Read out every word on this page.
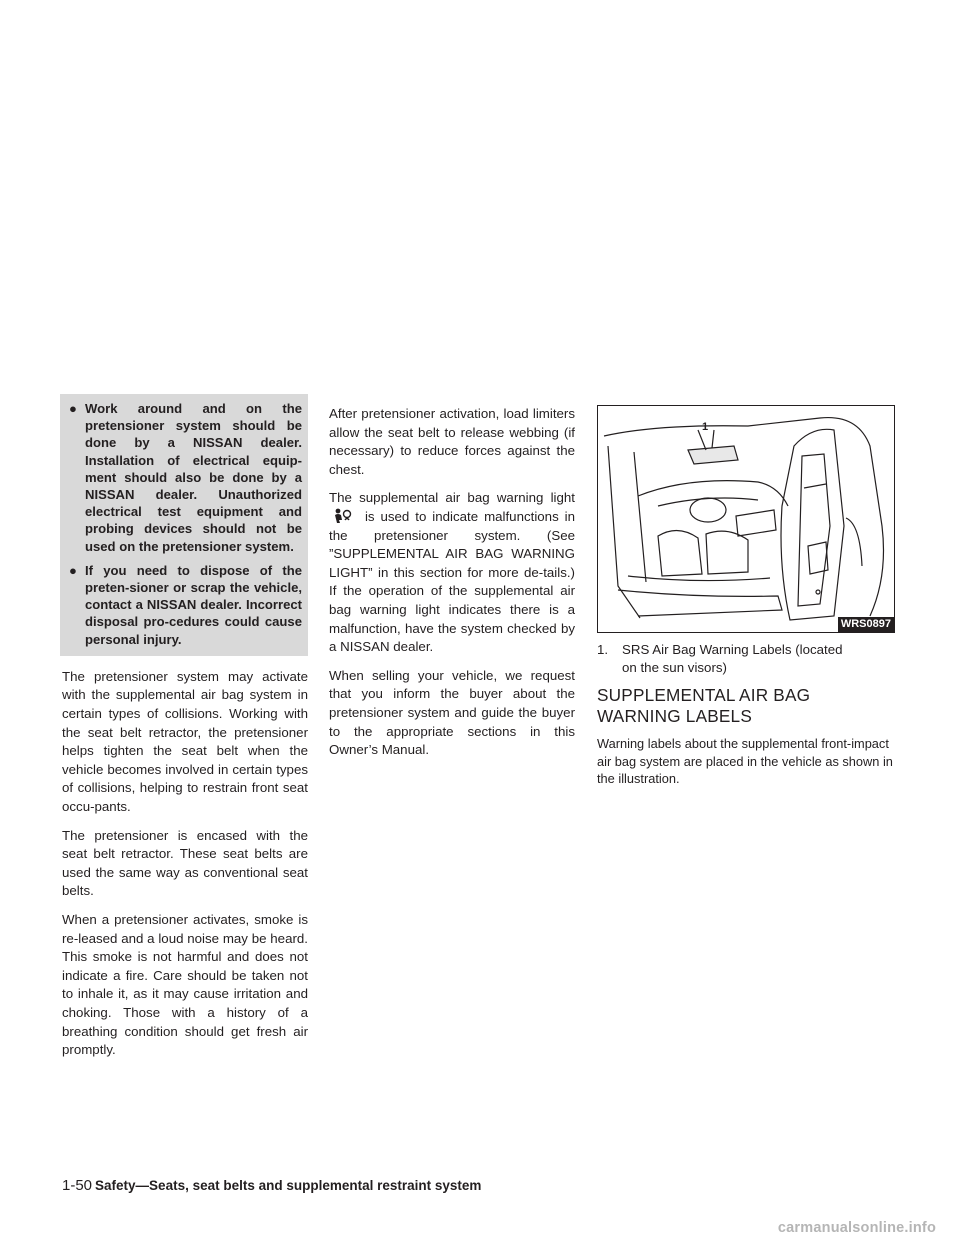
● Work around and on the pretensioner system should be done by a NISSAN dealer. Installation of electrical equip-ment should also be done by a NISSAN dealer. Unauthorized electrical test equipment and probing devices should not be used on the pretensioner system.
● If you need to dispose of the preten-sioner or scrap the vehicle, contact a NISSAN dealer. Incorrect disposal pro-cedures could cause personal injury.

The pretensioner system may activate with the supplemental air bag system in certain types of collisions. Working with the seat belt retractor, the pretensioner helps tighten the seat belt when the vehicle becomes involved in certain types of collisions, helping to restrain front seat occu-pants.

The pretensioner is encased with the seat belt retractor. These seat belts are used the same way as conventional seat belts.

When a pretensioner activates, smoke is re-leased and a loud noise may be heard. This smoke is not harmful and does not indicate a fire. Care should be taken not to inhale it, as it may cause irritation and choking. Those with a history of a breathing condition should get fresh air promptly.

After pretensioner activation, load limiters allow the seat belt to release webbing (if necessary) to reduce forces against the chest.

The supplemental air bag warning light  is used to indicate malfunctions in the pretensioner system. (See ”SUPPLEMENTAL AIR BAG WARNING LIGHT” in this section for more de-tails.) If the operation of the supplemental air bag warning light indicates there is a malfunction, have the system checked by a NISSAN dealer.

When selling your vehicle, we request that you inform the buyer about the pretensioner system and guide the buyer to the appropriate sections in this Owner’s Manual.

1
WRS0897
1. SRS Air Bag Warning Labels (located
on the sun visors)
SUPPLEMENTAL AIR BAG
WARNING LABELS
Warning labels about the supplemental front-impact air bag system are placed in the vehicle as shown in the illustration.
1-50 Safety—Seats, seat belts and supplemental restraint system
carmanualsonline.info
